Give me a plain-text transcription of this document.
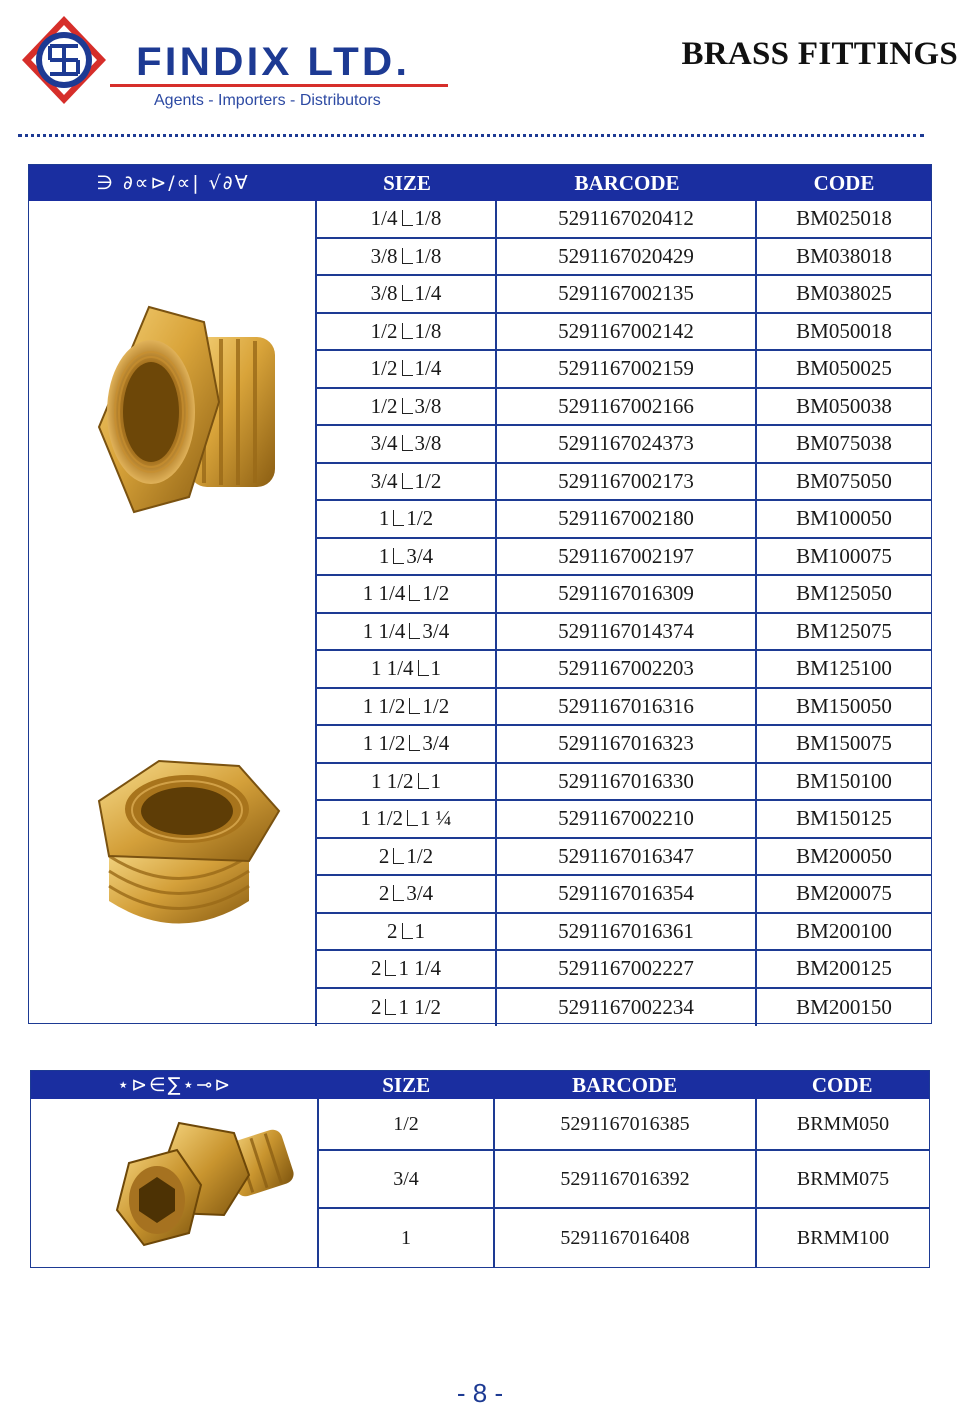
FINDIX LTD.
Agents - Importers - Distributors
BRASS FITTINGS
∋ ∂∝⊳/∝| √∂∀	SIZE	BARCODE	CODE
1/4 1/8	5291167020412	BM025018
3/8 1/8	5291167020429	BM038018
3/8 1/4	5291167002135	BM038025
1/2 1/8	5291167002142	BM050018
1/2 1/4	5291167002159	BM050025
1/2 3/8	5291167002166	BM050038
3/4 3/8	5291167024373	BM075038
3/4 1/2	5291167002173	BM075050
1 1/2	5291167002180	BM100050
1 3/4	5291167002197	BM100075
1 1/4 1/2	5291167016309	BM125050
1 1/4 3/4	5291167014374	BM125075
1 1/4 1	5291167002203	BM125100
1 1/2 1/2	5291167016316	BM150050
1 1/2 3/4	5291167016323	BM150075
1 1/2 1	5291167016330	BM150100
1 1/2 1 ¼	5291167002210	BM150125
2 1/2	5291167016347	BM200050
2 3/4	5291167016354	BM200075
2 1	5291167016361	BM200100
2 1 1/4	5291167002227	BM200125
2 1 1/2	5291167002234	BM200150
⋆⊳∈∑⋆⊸⊳	SIZE	BARCODE	CODE
1/2	5291167016385	BRMM050
3/4	5291167016392	BRMM075
1	5291167016408	BRMM100
- 8 -
